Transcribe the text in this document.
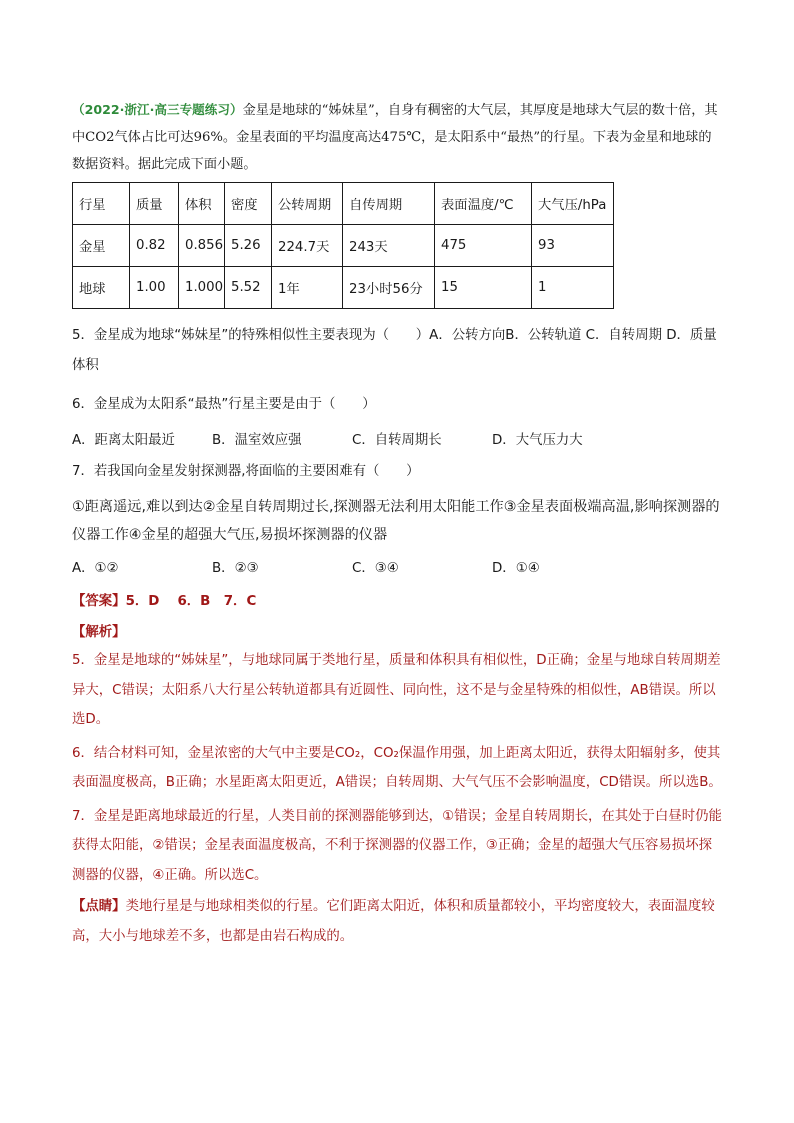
（2022·浙江·高三专题练习）金星是地球的“姊妹星”，自身有稠密的大气层，其厚度是地球大气层的数十倍，其中CO2气体占比可达96%。金星表面的平均温度高达475℃，是太阳系中“最热”的行星。下表为金星和地球的数据资料。据此完成下面小题。
行星	质量	体积	密度	公转周期	自传周期	表面温度/℃	大气压/hPa
金星	0.82	0.856	5.26	224.7天	243天	475	93
地球	1.00	1.000	5.52	1年	23小时56分	15	1
5．金星成为地球“姊妹星”的特殊相似性主要表现为（　　）A．公转方向B．公转轨道 C．自转周期 D．质量体积
6．金星成为太阳系“最热”行星主要是由于（　　）
A．距离太阳最近	B．温室效应强	C．自转周期长	D．大气压力大
7．若我国向金星发射探测器,将面临的主要困难有（　　）
①距离遥远,难以到达②金星自转周期过长,探测器无法利用太阳能工作③金星表面极端高温,影响探测器的仪器工作④金星的超强大气压,易损坏探测器的仪器
A．①②	B．②③	C．③④	D．①④
【答案】5．D　 6．B　7．C
【解析】
5．金星是地球的“姊妹星”，与地球同属于类地行星，质量和体积具有相似性，D正确；金星与地球自转周期差异大，C错误；太阳系八大行星公转轨道都具有近圆性、同向性，这不是与金星特殊的相似性，AB错误。所以选D。
6．结合材料可知，金星浓密的大气中主要是CO₂，CO₂保温作用强，加上距离太阳近，获得太阳辐射多，使其表面温度极高，B正确；水星距离太阳更近，A错误；自转周期、大气气压不会影响温度，CD错误。所以选B。
7．金星是距离地球最近的行星，人类目前的探测器能够到达，①错误；金星自转周期长，在其处于白昼时仍能获得太阳能，②错误；金星表面温度极高，不利于探测器的仪器工作，③正确；金星的超强大气压容易损坏探测器的仪器，④正确。所以选C。
【点睛】类地行星是与地球相类似的行星。它们距离太阳近，体积和质量都较小，平均密度较大，表面温度较高，大小与地球差不多，也都是由岩石构成的。
